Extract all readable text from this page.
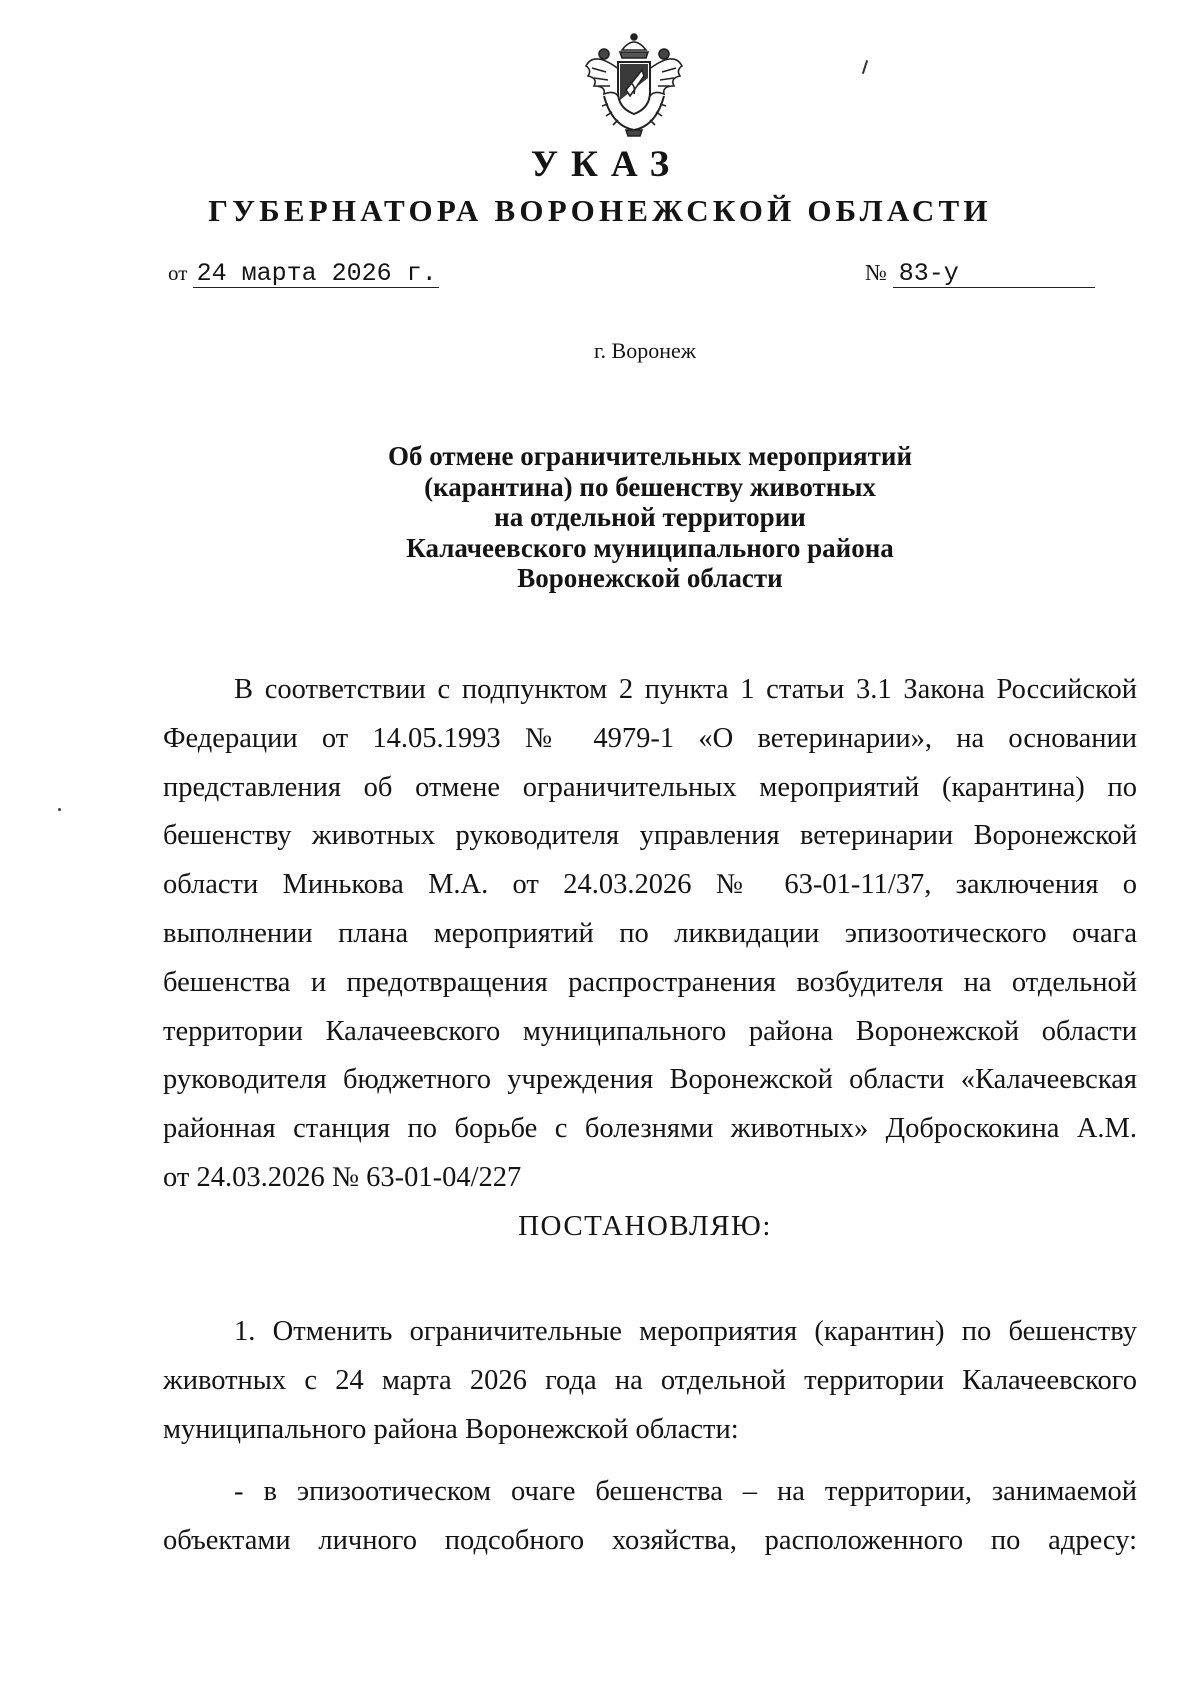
УКАЗ
ГУБЕРНАТОРА ВОРОНЕЖСКОЙ ОБЛАСТИ
от 24 марта 2026 г.	№ 83-у
г. Воронеж
Об отмене ограничительных мероприятий
(карантина) по бешенству животных
на отдельной территории
Калачеевского муниципального района
Воронежской области
В соответствии с подпунктом 2 пункта 1 статьи 3.1 Закона Российской
Федерации от 14.05.1993 № 4979-1 «О ветеринарии», на основании
представления об отмене ограничительных мероприятий (карантина) по
бешенству животных руководителя управления ветеринарии Воронежской
области Минькова М.А. от 24.03.2026 № 63-01-11/37, заключения о
выполнении плана мероприятий по ликвидации эпизоотического очага
бешенства и предотвращения распространения возбудителя на отдельной
территории Калачеевского муниципального района Воронежской области
руководителя бюджетного учреждения Воронежской области «Калачеевская
районная станция по борьбе с болезнями животных» Доброскокина А.М.
от 24.03.2026 № 63-01-04/227
ПОСТАНОВЛЯЮ:
1. Отменить ограничительные мероприятия (карантин) по бешенству
животных с 24 марта 2026 года на отдельной территории Калачеевского
муниципального района Воронежской области:
- в эпизоотическом очаге бешенства – на территории, занимаемой
объектами личного подсобного хозяйства, расположенного по адресу:
